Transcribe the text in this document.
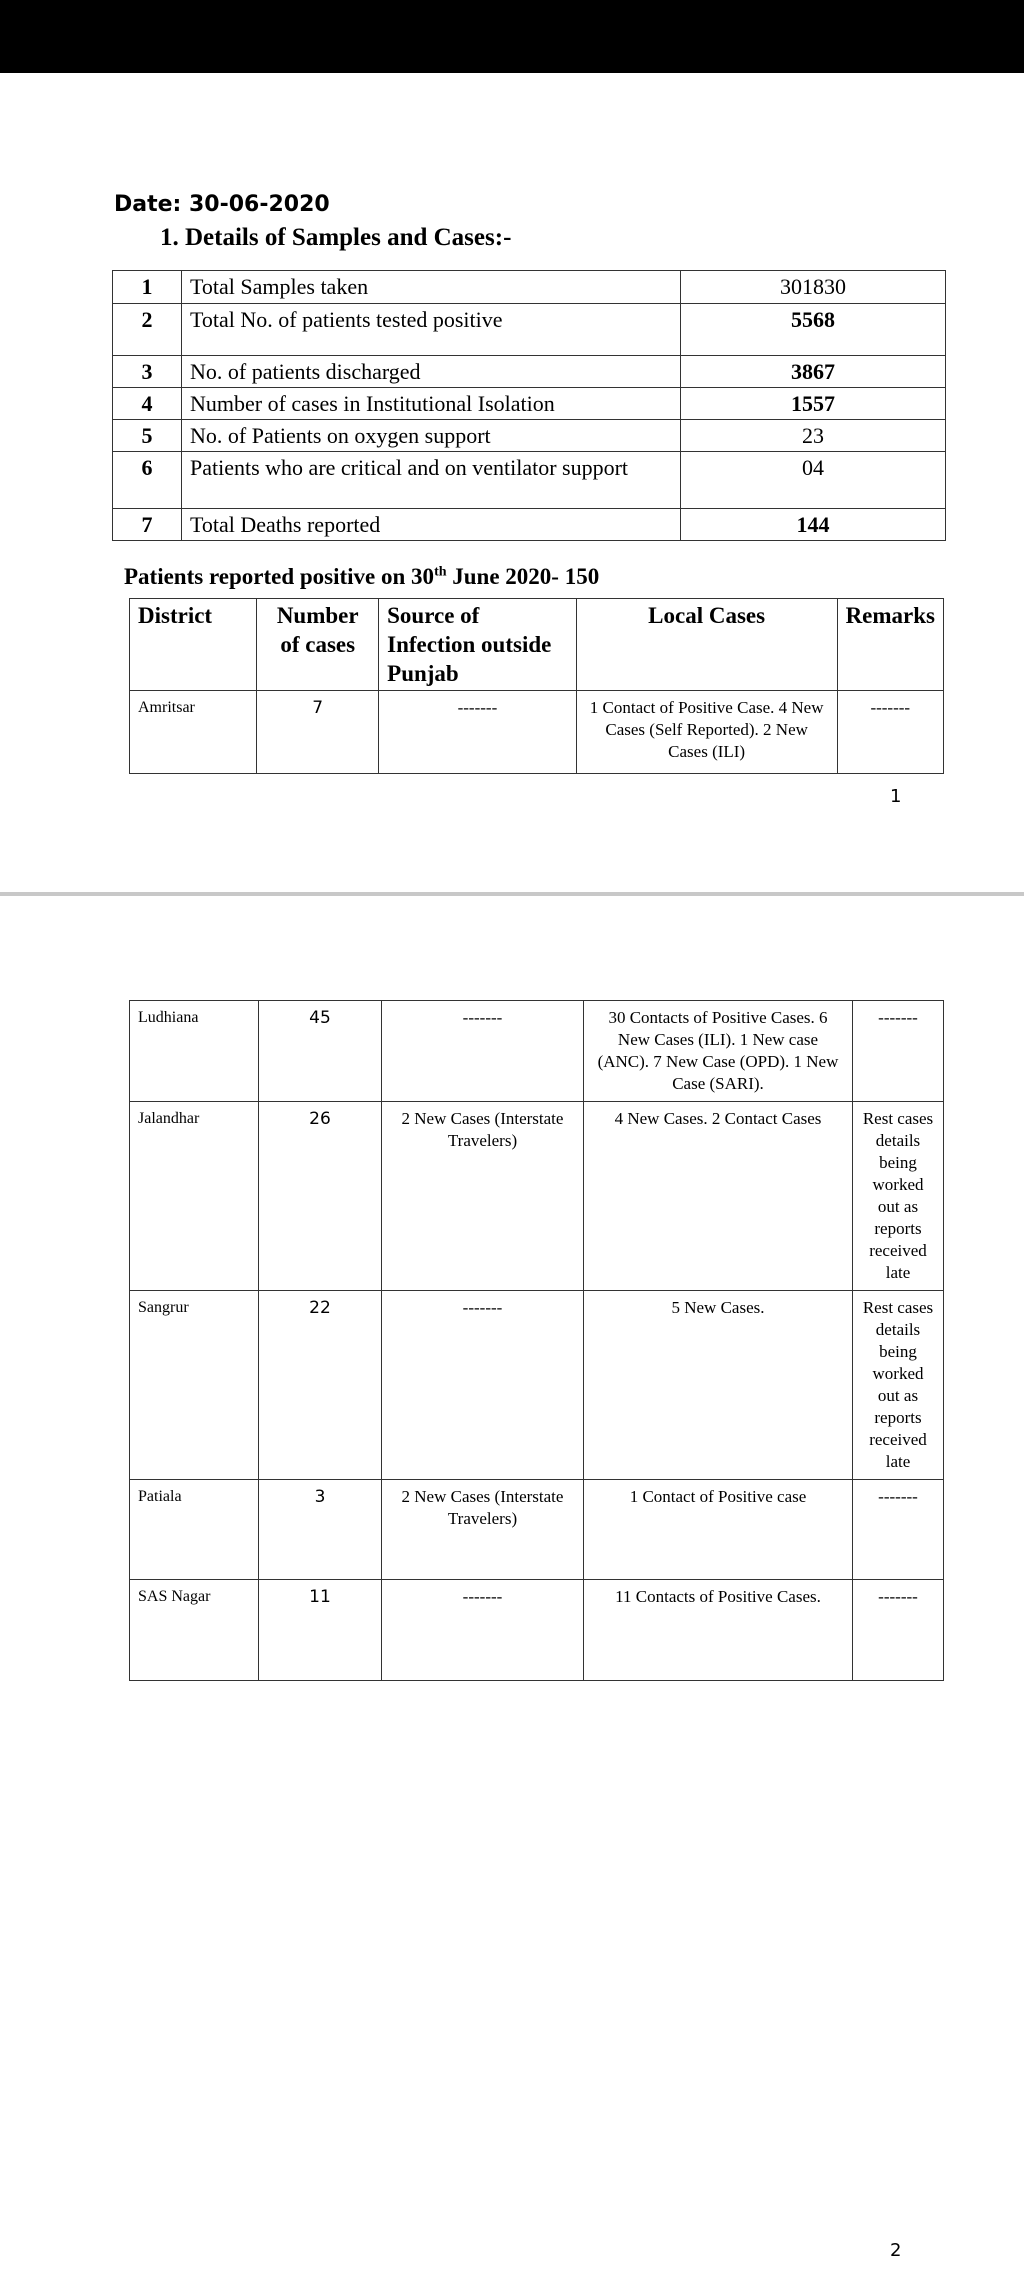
Date: 30-06-2020
1. Details of Samples and Cases:-
1	Total Samples taken	301830
2	Total No. of patients tested positive	5568
3	No. of patients discharged	3867
4	Number of cases in Institutional Isolation	1557
5	No. of Patients on oxygen support	23
6	Patients who are critical and on ventilator support	04
7	Total Deaths reported	144
Patients reported positive on 30th June 2020- 150
District	Number of cases	Source of Infection outside Punjab	Local Cases	Remarks
Amritsar	7	-------	1 Contact of Positive Case. 4 New Cases (Self Reported). 2 New Cases (ILI)	-------
1
Ludhiana	45	-------	30 Contacts of Positive Cases. 6 New Cases (ILI). 1 New case (ANC). 7 New Case (OPD). 1 New Case (SARI).	-------
Jalandhar	26	2 New Cases (Interstate Travelers)	4 New Cases. 2 Contact Cases	Rest cases details being worked out as reports received late
Sangrur	22	-------	5 New Cases.	Rest cases details being worked out as reports received late
Patiala	3	2 New Cases (Interstate Travelers)	1 Contact of Positive case	-------
SAS Nagar	11	-------	11 Contacts of Positive Cases.	-------
2
